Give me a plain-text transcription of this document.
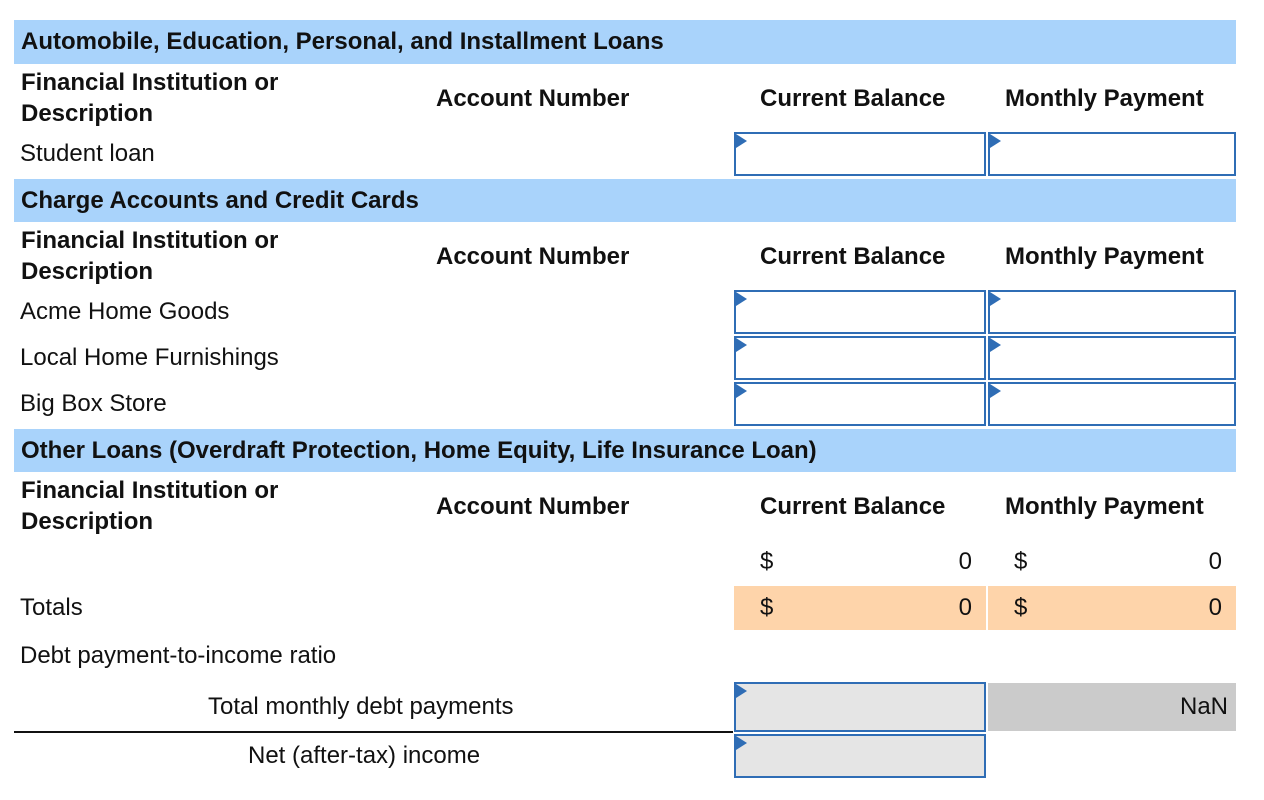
Automobile, Education, Personal, and Installment Loans
Financial Institution or
Description
Account Number	Current Balance Monthly Payment
Student loan
Charge Accounts and Credit Cards
Financial Institution or
Description
Account Number	Current Balance Monthly Payment
Acme Home Goods
Local Home Furnishings
Big Box Store
Other Loans (Overdraft Protection, Home Equity, Life Insurance Loan)
Financial Institution or
Description
Account Number	Current Balance Monthly Payment
$	0 $	0
Totals	$	0 $	0
Debt payment-to-income ratio
Total monthly debt payments	NaN
Net (after-tax) income
